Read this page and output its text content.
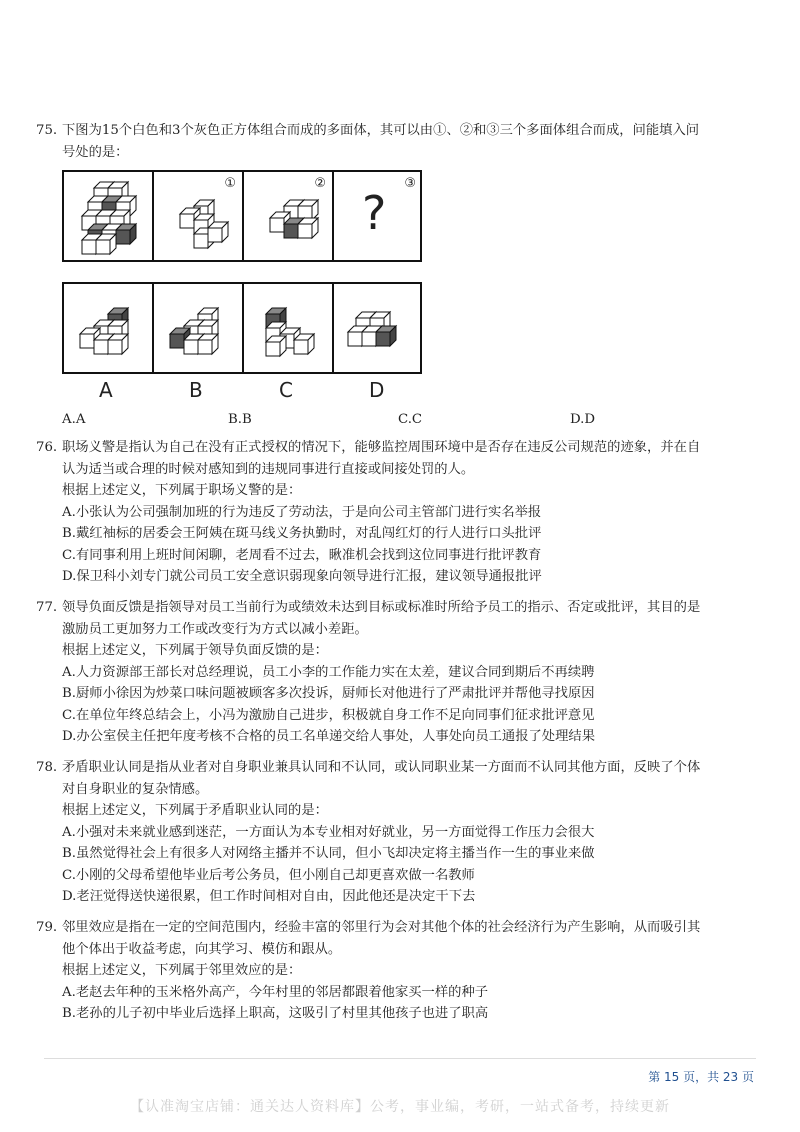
75. 下图为15个白色和3个灰色正方体组合而成的多面体，其可以由①、②和③三个多面体组合而成，问能填入问
号处的是：
①	②	③
?
A	B	C	D
A.A	B.B	C.C	D.D
76. 职场义警是指认为自己在没有正式授权的情况下，能够监控周围环境中是否存在违反公司规范的迹象，并在自
认为适当或合理的时候对感知到的违规同事进行直接或间接处罚的人。
根据上述定义，下列属于职场义警的是：
A.小张认为公司强制加班的行为违反了劳动法，于是向公司主管部门进行实名举报
B.戴红袖标的居委会王阿姨在斑马线义务执勤时，对乱闯红灯的行人进行口头批评
C.有同事利用上班时间闲聊，老周看不过去，瞅准机会找到这位同事进行批评教育
D.保卫科小刘专门就公司员工安全意识弱现象向领导进行汇报，建议领导通报批评
77. 领导负面反馈是指领导对员工当前行为或绩效未达到目标或标准时所给予员工的指示、否定或批评，其目的是
激励员工更加努力工作或改变行为方式以减小差距。
根据上述定义，下列属于领导负面反馈的是：
A.人力资源部王部长对总经理说，员工小李的工作能力实在太差，建议合同到期后不再续聘
B.厨师小徐因为炒菜口味问题被顾客多次投诉，厨师长对他进行了严肃批评并帮他寻找原因
C.在单位年终总结会上，小冯为激励自己进步，积极就自身工作不足向同事们征求批评意见
D.办公室侯主任把年度考核不合格的员工名单递交给人事处，人事处向员工通报了处理结果
78. 矛盾职业认同是指从业者对自身职业兼具认同和不认同，或认同职业某一方面而不认同其他方面，反映了个体
对自身职业的复杂情感。
根据上述定义，下列属于矛盾职业认同的是：
A.小强对未来就业感到迷茫，一方面认为本专业相对好就业，另一方面觉得工作压力会很大
B.虽然觉得社会上有很多人对网络主播并不认同，但小飞却决定将主播当作一生的事业来做
C.小刚的父母希望他毕业后考公务员，但小刚自己却更喜欢做一名教师
D.老汪觉得送快递很累，但工作时间相对自由，因此他还是决定干下去
79. 邻里效应是指在一定的空间范围内，经验丰富的邻里行为会对其他个体的社会经济行为产生影响，从而吸引其
他个体出于收益考虑，向其学习、模仿和跟从。
根据上述定义，下列属于邻里效应的是：
A.老赵去年种的玉米格外高产，今年村里的邻居都跟着他家买一样的种子
B.老孙的儿子初中毕业后选择上职高，这吸引了村里其他孩子也进了职高
第 15 页，共 23 页
【认准淘宝店铺：通关达人资料库】公考，事业编，考研，一站式备考，持续更新
